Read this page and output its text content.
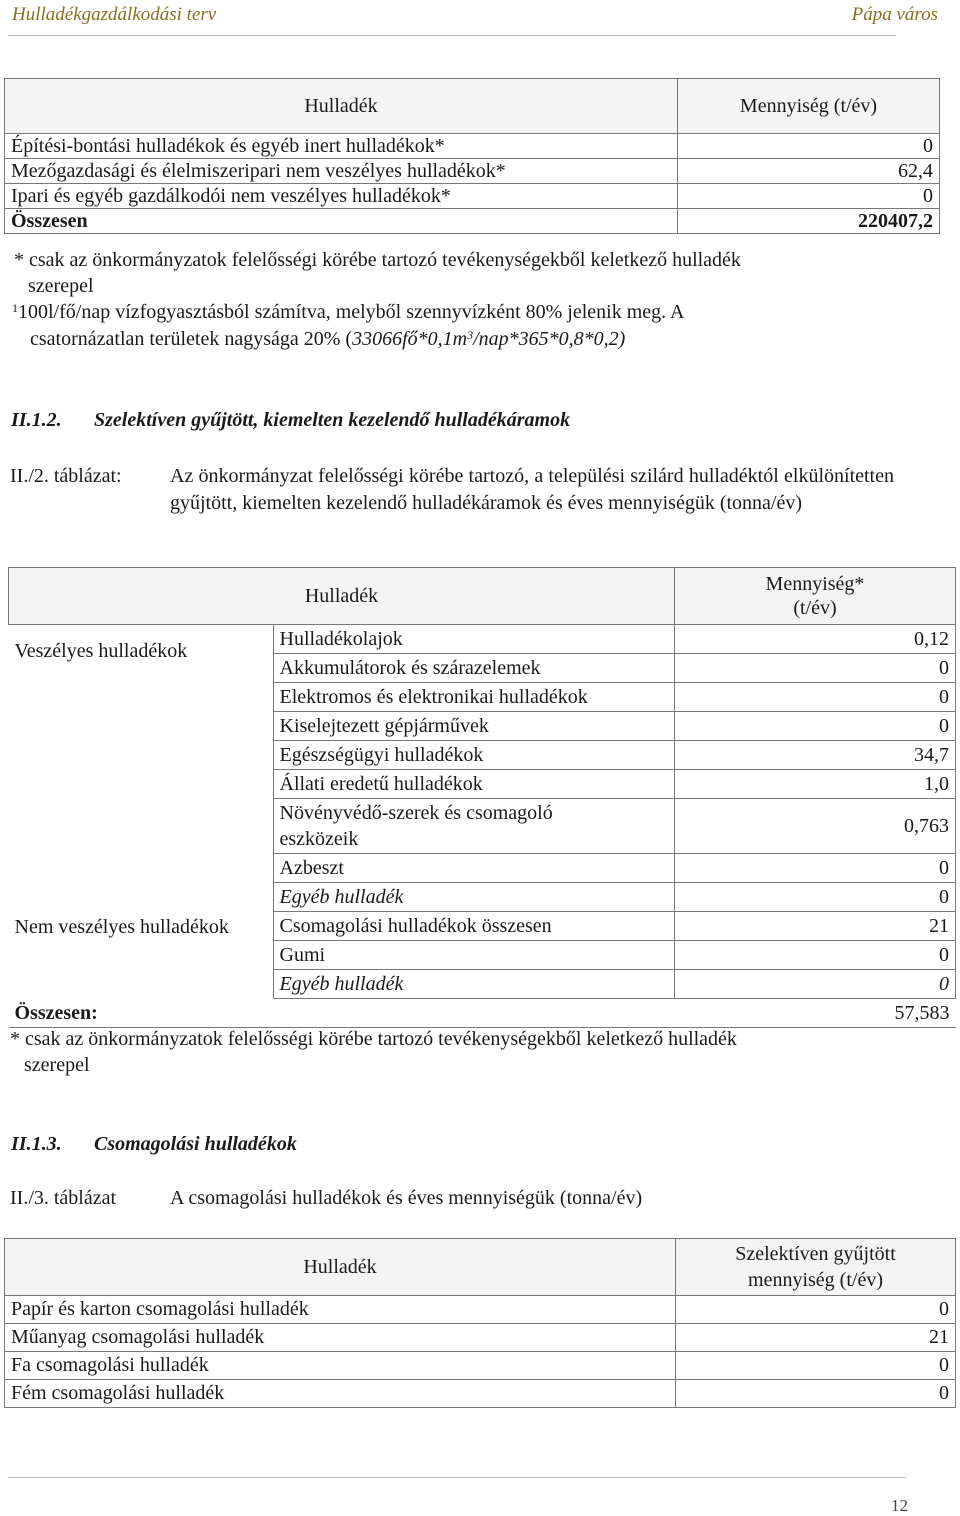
Hulladékgazdálkodási terv	Pápa város
Hulladék	Mennyiség (t/év)
Építési-bontási hulladékok és egyéb inert hulladékok*	0
Mezőgazdasági és élelmiszeripari nem veszélyes hulladékok*	62,4
Ipari és egyéb gazdálkodói nem veszélyes hulladékok*	0
Összesen	220407,2
* csak az önkormányzatok felelősségi körébe tartozó tevékenységekből keletkező hulladék
szerepel
$^1$100l/fő/nap vízfogyasztásból számítva, melyből szennyvízként 80% jelenik meg. A
csatornázatlan területek nagysága 20% $(33066fő*0,1m^3/nap*365*0,8*0,2)$
II.1.2. Szelektíven gyűjtött, kiemelten kezelendő hulladékáramok
II./2. táblázat: Az önkormányzat felelősségi körébe tartozó, a települési szilárd hulladéktól elkülönítetten gyűjtött, kiemelten kezelendő hulladékáramok és éves mennyiségük (tonna/év)
Hulladék		Mennyiség*
(t/év)

Veszélyes hulladékok	Hulladékolajok	0,12
	Akkumulátorok és szárazelemek	0
	Elektromos és elektronikai hulladékok	0
	Kiselejtezett gépjárművek	0
	Egészségügyi hulladékok	34,7
	Állati eredetű hulladékok	1,0

	Növényvédő-szerek és csomagoló
eszközeik	0,763
	Azbeszt	0
	Egyéb hulladék	0

Nem veszélyes hulladékok	Csomagolási hulladékok összesen	21
	Gumi	0
	Egyéb hulladék	0
Összesen:		57,583
* csak az önkormányzatok felelősségi körébe tartozó tevékenységekből keletkező hulladék
szerepel
II.1.3. Csomagolási hulladékok
II./3. táblázat	A csomagolási hulladékok és éves mennyiségük (tonna/év)
Hulladék	Szelektíven gyűjtött
mennyiség (t/év)

Papír és karton csomagolási hulladék	0
Műanyag csomagolási hulladék	21
Fa csomagolási hulladék	0
Fém csomagolási hulladék	0
12
